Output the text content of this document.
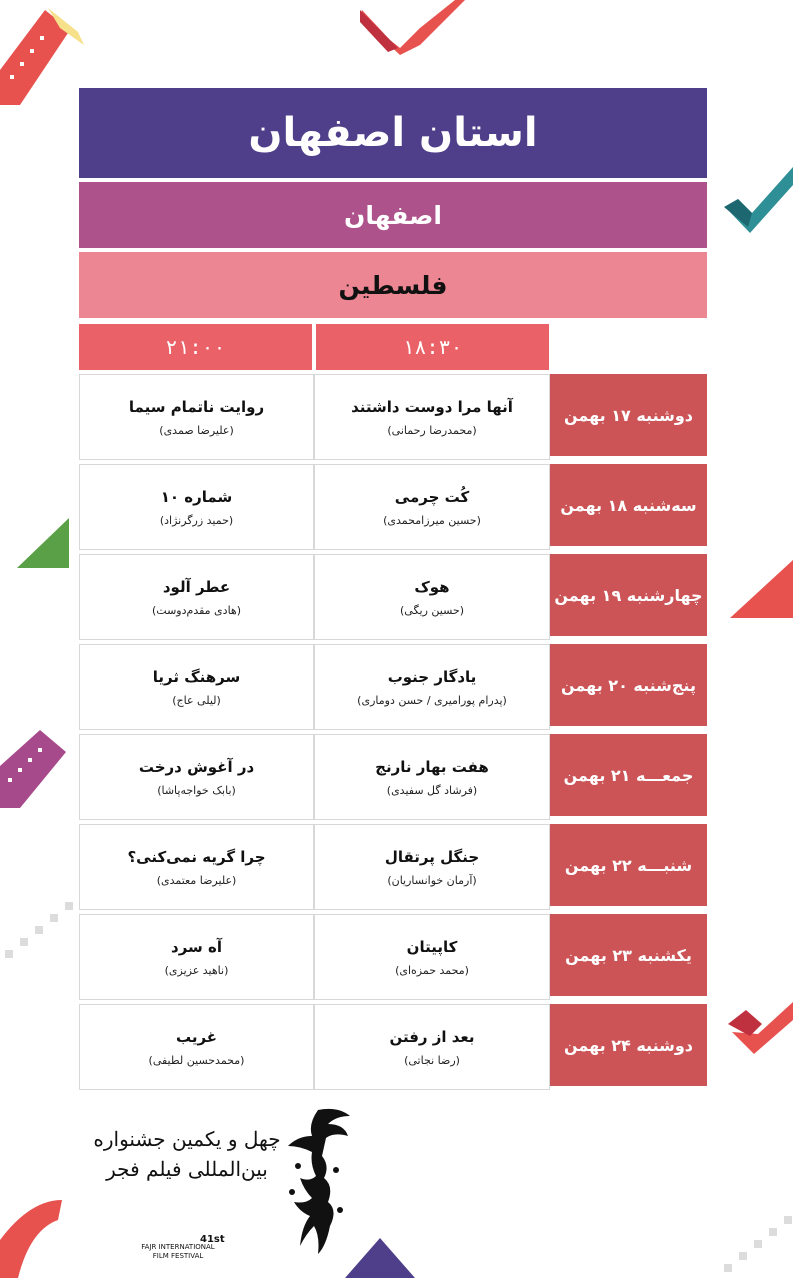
استان اصفهان
اصفهان
فلسطین
۲۱:۰۰	۱۸:۳۰
روایت ناتمام سیما
(علیرضا صمدی)
آنها مرا دوست داشتند
(محمدرضا رحمانی)
دوشنبه ۱۷ بهمن
شماره ۱۰
(حمید زرگرنژاد)
کُت چرمی
(حسین میرزامحمدی)
سه‌شنبه ۱۸ بهمن
عطر آلود
(هادی مقدم‌دوست)
هوک
(حسین ریگی)
چهارشنبه ۱۹ بهمن
سرهنگ ثریا
(لیلی عاج)
یادگار جنوب
(پدرام پورامیری / حسن دوماری)
پنج‌شنبه ۲۰ بهمن
در آغوش درخت
(بابک خواجه‌پاشا)
هفت بهار نارنج
(فرشاد گل سفیدی)
جمعـــه ۲۱ بهمن
چرا گریه نمی‌کنی؟
(علیرضا معتمدی)
جنگل پرتقال
(آرمان خوانساریان)
شنبـــه ۲۲ بهمن
آه سرد
(ناهید عزیزی)
کاپیتان
(محمد حمزه‌ای)
یکشنبه ۲۳ بهمن
غریب
(محمدحسین لطیفی)
بعد از رفتن
(رضا نجاتی)
دوشنبه ۲۴ بهمن
چهل و یکمین جشنواره بین‌المللی فیلم فجر
41st
FAJR INTERNATIONAL
FILM FESTIVAL
